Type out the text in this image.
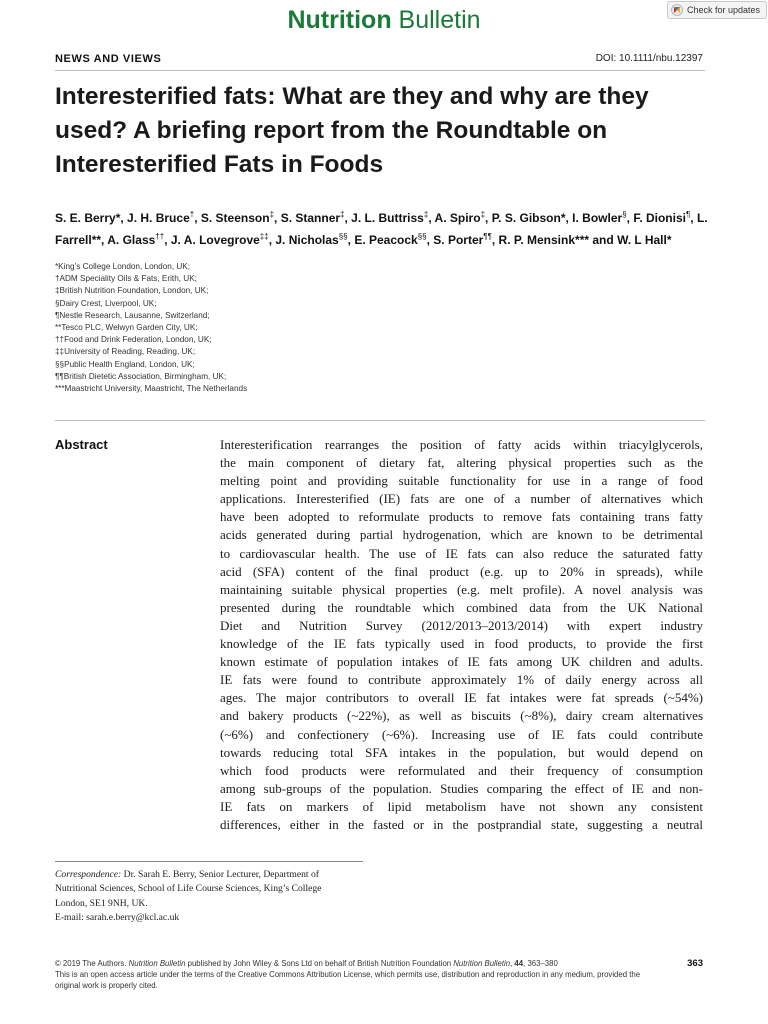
Nutrition Bulletin	Check for updates
NEWS AND VIEWS	DOI: 10.1111/nbu.12397
Interesterified fats: What are they and why are they used? A briefing report from the Roundtable on Interesterified Fats in Foods

S. E. Berry*, J. H. Bruce†, S. Steenson‡, S. Stanner‡, J. L. Buttriss‡, A. Spiro‡, P. S. Gibson*, I. Bowler§, F. Dionisi¶, L. Farrell**, A. Glass††, J. A. Lovegrove‡‡, J. Nicholas§§, E. Peacock§§, S. Porter¶¶, R. P. Mensink*** and W. L Hall*

*King’s College London, London, UK;
†ADM Speciality Oils & Fats, Erith, UK;
‡British Nutrition Foundation, London, UK;
§Dairy Crest, Liverpool, UK;
¶Nestle Research, Lausanne, Switzerland;
**Tesco PLC, Welwyn Garden City, UK;
††Food and Drink Federation, London, UK;
‡‡University of Reading, Reading, UK;
§§Public Health England, London, UK;
¶¶British Dietetic Association, Birmingham, UK;
***Maastricht University, Maastricht, The Netherlands
Abstract	Interesterification rearranges the position of fatty acids within triacylglycerols,
the main component of dietary fat, altering physical properties such as the
melting point and providing suitable functionality for use in a range of food
applications. Interesterified (IE) fats are one of a number of alternatives which
have been adopted to reformulate products to remove fats containing trans fatty
acids generated during partial hydrogenation, which are known to be detrimental
to cardiovascular health. The use of IE fats can also reduce the saturated fatty
acid (SFA) content of the final product (e.g. up to 20% in spreads), while
maintaining suitable physical properties (e.g. melt profile). A novel analysis was
presented during the roundtable which combined data from the UK National
Diet and Nutrition Survey (2012/2013–2013/2014) with expert industry
knowledge of the IE fats typically used in food products, to provide the first
known estimate of population intakes of IE fats among UK children and adults.
IE fats were found to contribute approximately 1% of daily energy across all
ages. The major contributors to overall IE fat intakes were fat spreads (~54%)
and bakery products (~22%), as well as biscuits (~8%), dairy cream alternatives
(~6%) and confectionery (~6%). Increasing use of IE fats could contribute
towards reducing total SFA intakes in the population, but would depend on
which food products were reformulated and their frequency of consumption
among sub-groups of the population. Studies comparing the effect of IE and non-
IE fats on markers of lipid metabolism have not shown any consistent
differences, either in the fasted or in the postprandial state, suggesting a neutral
Correspondence: Dr. Sarah E. Berry, Senior Lecturer, Department of
Nutritional Sciences, School of Life Course Sciences, King’s College
London, SE1 9NH, UK.
E-mail: sarah.e.berry@kcl.ac.uk
© 2019 The Authors. Nutrition Bulletin published by John Wiley & Sons Ltd on behalf of British Nutrition Foundation Nutrition Bulletin, 44, 363–380
This is an open access article under the terms of the Creative Commons Attribution License, which permits use, distribution and reproduction in any medium, provided the
original work is properly cited.
363
